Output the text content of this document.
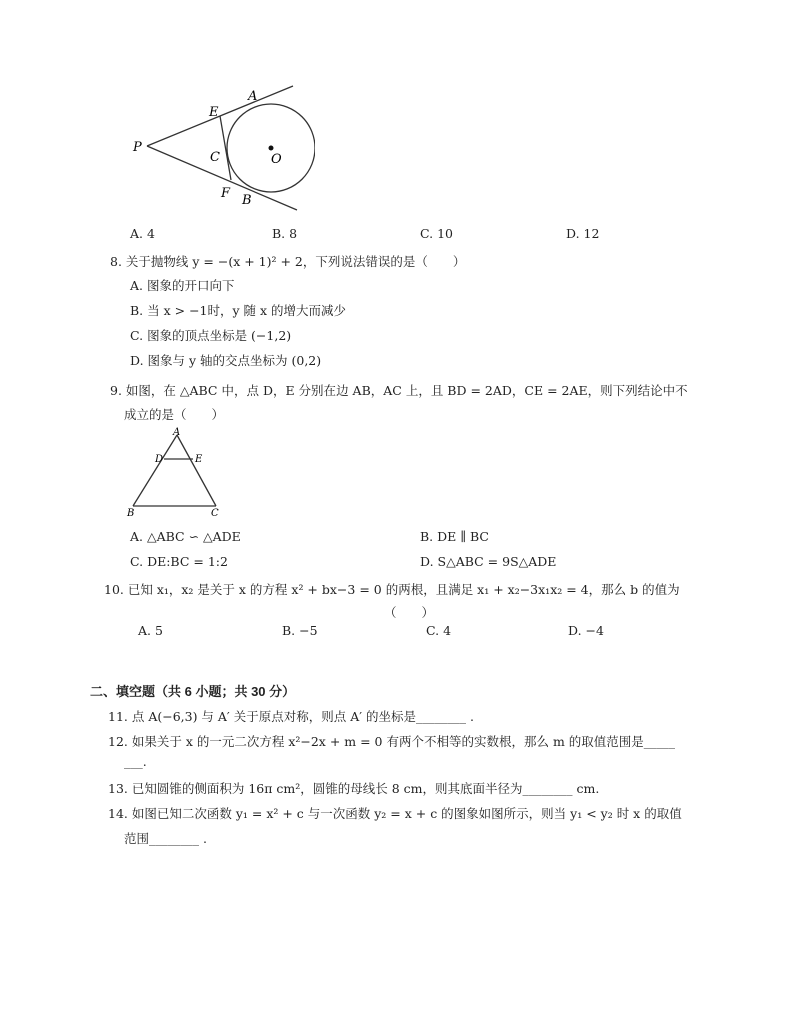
A
E
P
C	O
F B
A. 4	B. 8	C. 10	D. 12
8. 关于抛物线 y = −(x + 1)² + 2，下列说法错误的是（　　）
A. 图象的开口向下
B. 当 x > −1时，y 随 x 的增大而减少
C. 图象的顶点坐标是 (−1,2)
D. 图象与 y 轴的交点坐标为 (0,2)
9. 如图，在 △ABC 中，点 D，E 分别在边 AB，AC 上，且 BD = 2AD，CE = 2AE，则下列结论中不
成立的是（　　）
A
D	E
B	C
A. △ABC ∽ △ADE	B. DE ∥ BC
C. DE:BC = 1:2	D. S△ABC = 9S△ADE
10. 已知 x₁，x₂ 是关于 x 的方程 x² + bx−3 = 0 的两根，且满足 x₁ + x₂−3x₁x₂ = 4，那么 b 的值为
（　　）
A. 5	B. −5	C. 4	D. −4
二、填空题（共 6 小题；共 30 分）
11. 点 A(−6,3) 与 A′ 关于原点对称，则点 A′ 的坐标是________ .
12. 如果关于 x 的一元二次方程 x²−2x + m = 0 有两个不相等的实数根，那么 m 的取值范围是_____
___.
13. 已知圆锥的侧面积为 16π cm²，圆锥的母线长 8 cm，则其底面半径为________ cm.
14. 如图已知二次函数 y₁ = x² + c 与一次函数 y₂ = x + c 的图象如图所示，则当 y₁ < y₂ 时 x 的取值
范围________ .
